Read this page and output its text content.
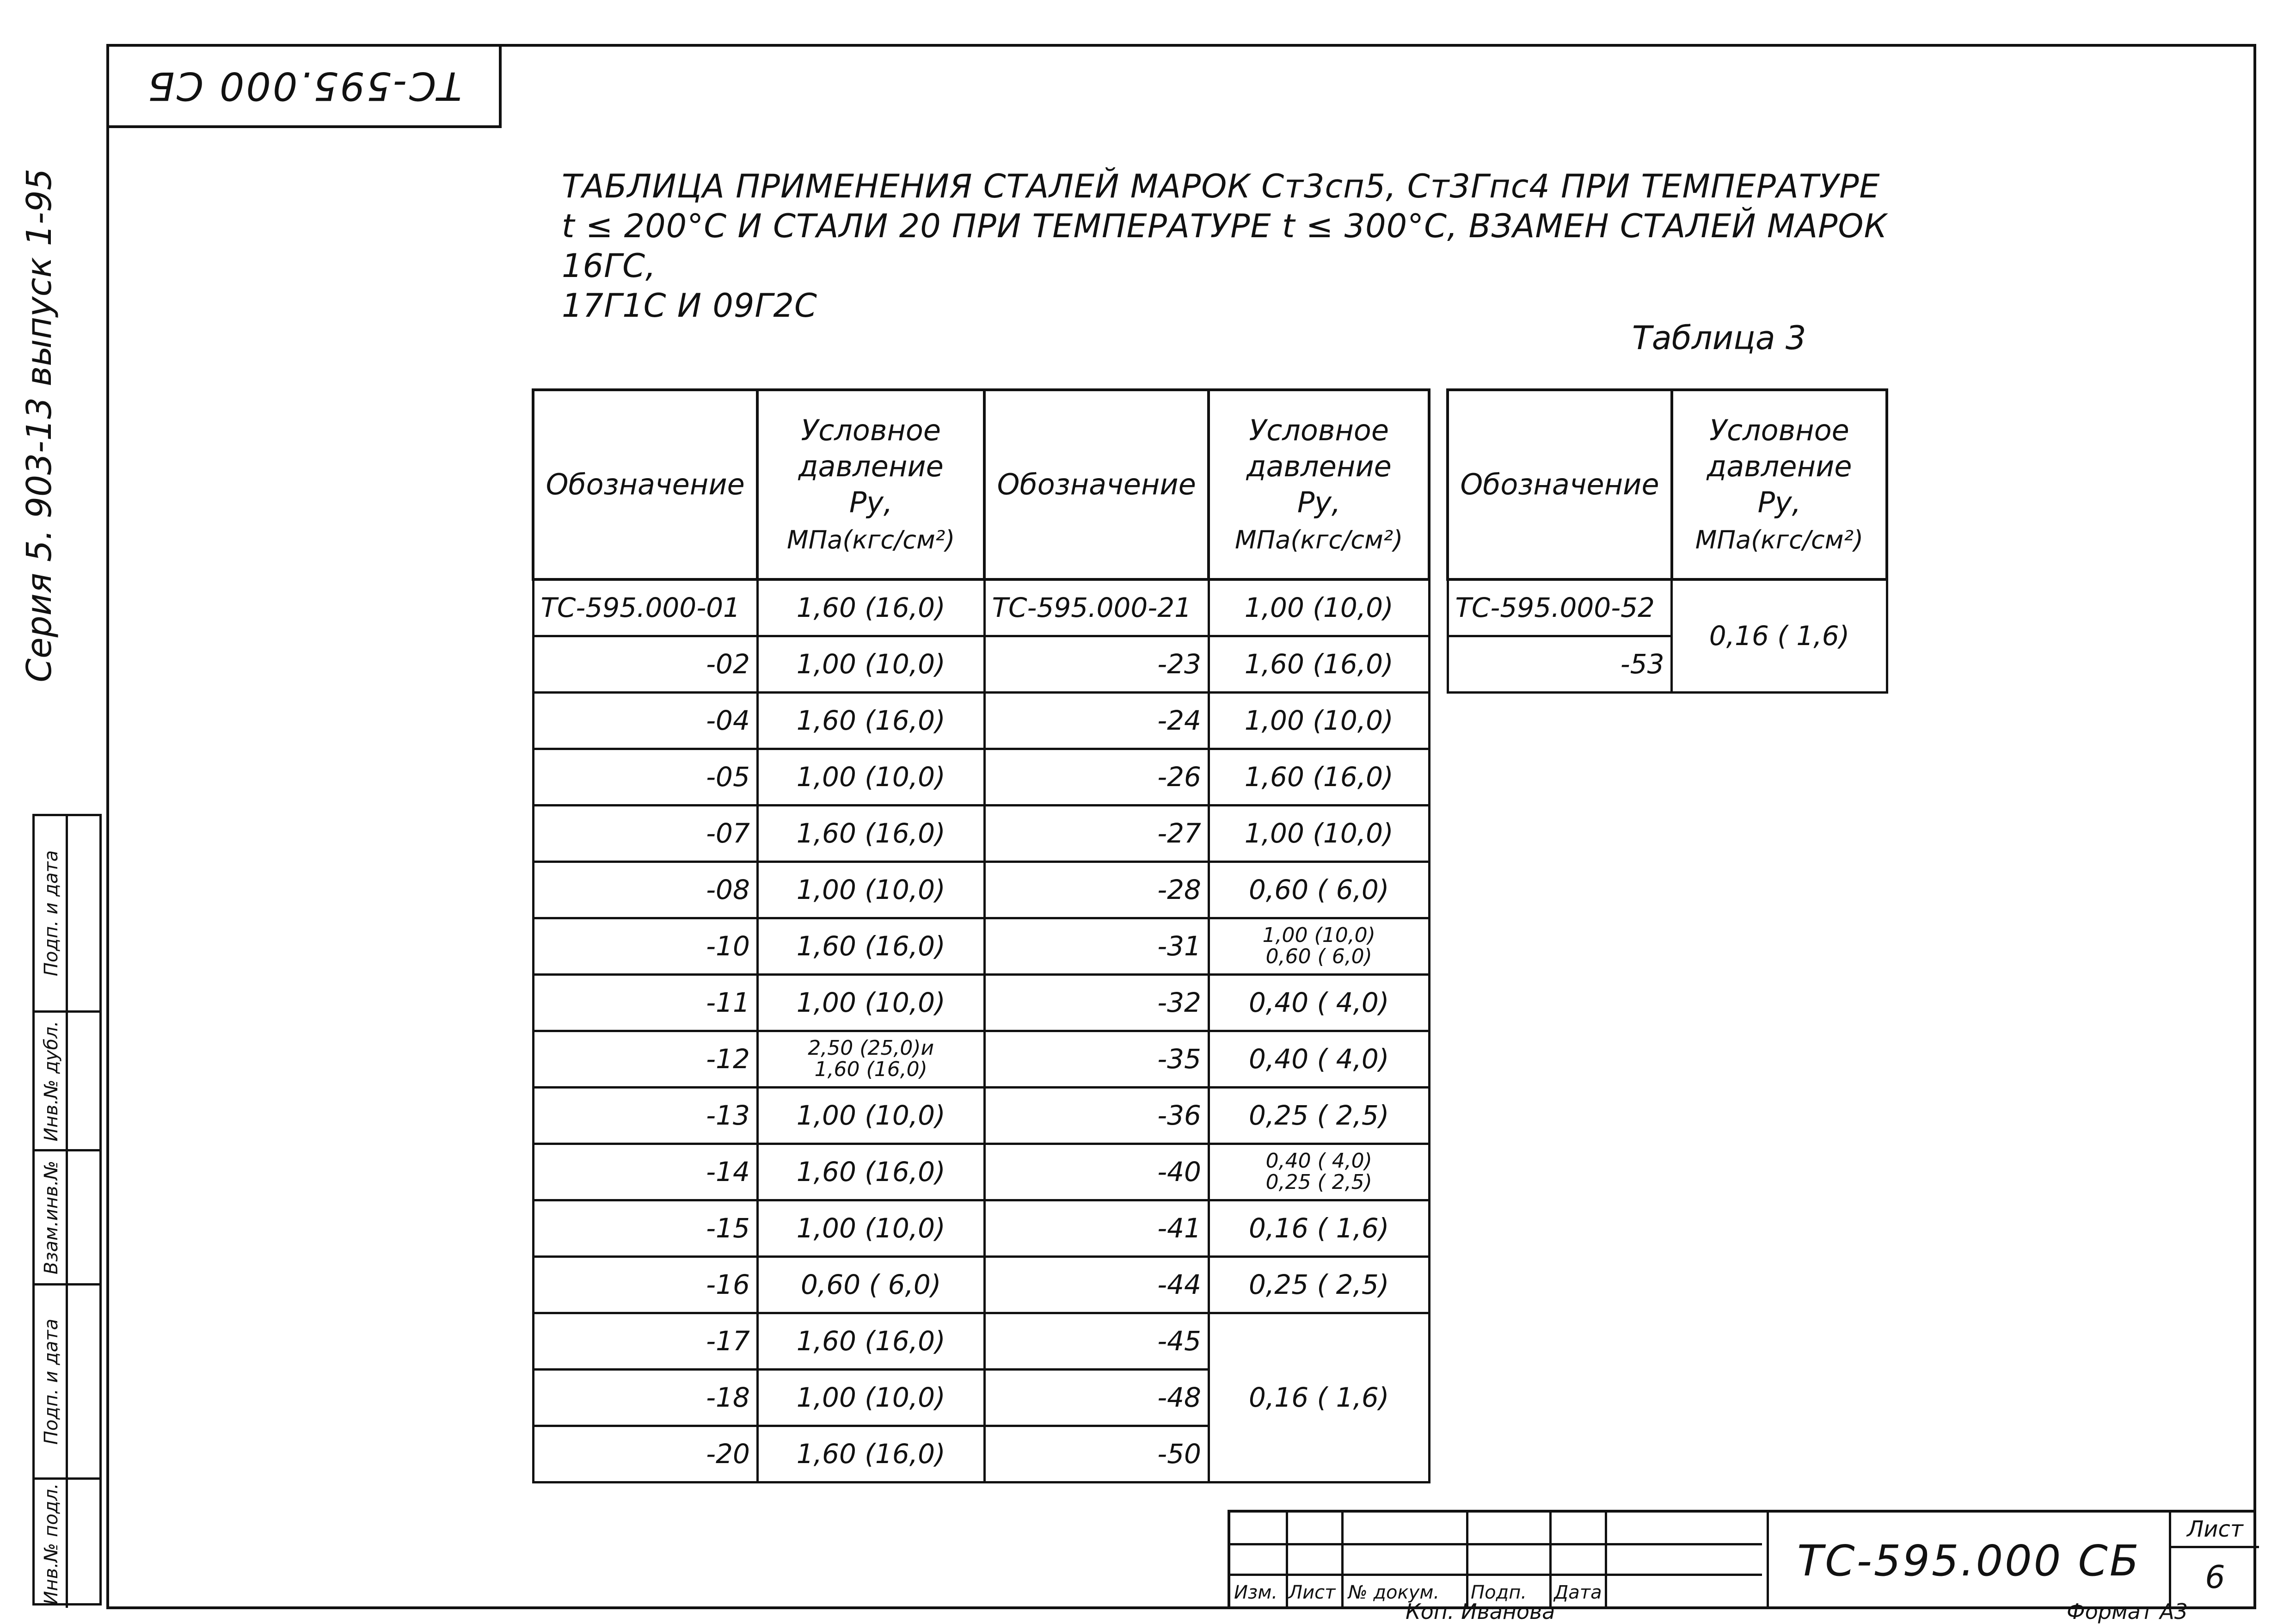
ТС-595.000 СБ
Серия 5. 903-13 выпуск 1-95
Подп. и дата
Инв.№ дубл.
Взам.инв.№
Подп. и дата
Инв.№ подл.

ТАБЛИЦА ПРИМЕНЕНИЯ СТАЛЕЙ МАРОК Ст3сп5, Ст3Гпс4 ПРИ ТЕМПЕРАТУРЕ

t ≤ 200°C И СТАЛИ 20 ПРИ ТЕМПЕРАТУРЕ t ≤ 300°C, ВЗАМЕН СТАЛЕЙ МАРОК 16ГС,

17Г1С И 09Г2С

Таблица 3
Обозначение	Условное
давление
Ру,
МПа(кгс/см²)	Обозначение	Условное
давление
Ру,
МПа(кгс/см²)
ТС-595.000-01	1,60 (16,0)	ТС-595.000-21	1,00 (10,0)
-02	1,00 (10,0)	-23	1,60 (16,0)
-04	1,60 (16,0)	-24	1,00 (10,0)
-05	1,00 (10,0)	-26	1,60 (16,0)
-07	1,60 (16,0)	-27	1,00 (10,0)
-08	1,00 (10,0)	-28	0,60 ( 6,0)
-10	1,60 (16,0)	-31	1,00 (10,0)
0,60 ( 6,0)

-11	1,00 (10,0)	-32	0,40 ( 4,0)
-12	2,50 (25,0)и
1,60 (16,0)	-35	0,40 ( 4,0)
-13	1,00 (10,0)	-36	0,25 ( 2,5)
-14	1,60 (16,0)	-40	0,40 ( 4,0)
0,25 ( 2,5)

-15	1,00 (10,0)	-41	0,16 ( 1,6)
-16	0,60 ( 6,0)	-44	0,25 ( 2,5)
-17	1,60 (16,0)	-45	0,16 ( 1,6)
-18	1,00 (10,0)	-48	
-20	1,60 (16,0)	-50	
Обозначение	Условное
давление
Ру,
МПа(кгс/см²)
ТС-595.000-52	0,16 ( 1,6)
-53	
Изм. Лист № докум. Подп. Дата
ТС-595.000 СБ
Лист
6
Коп. Иванова	Формат А3
